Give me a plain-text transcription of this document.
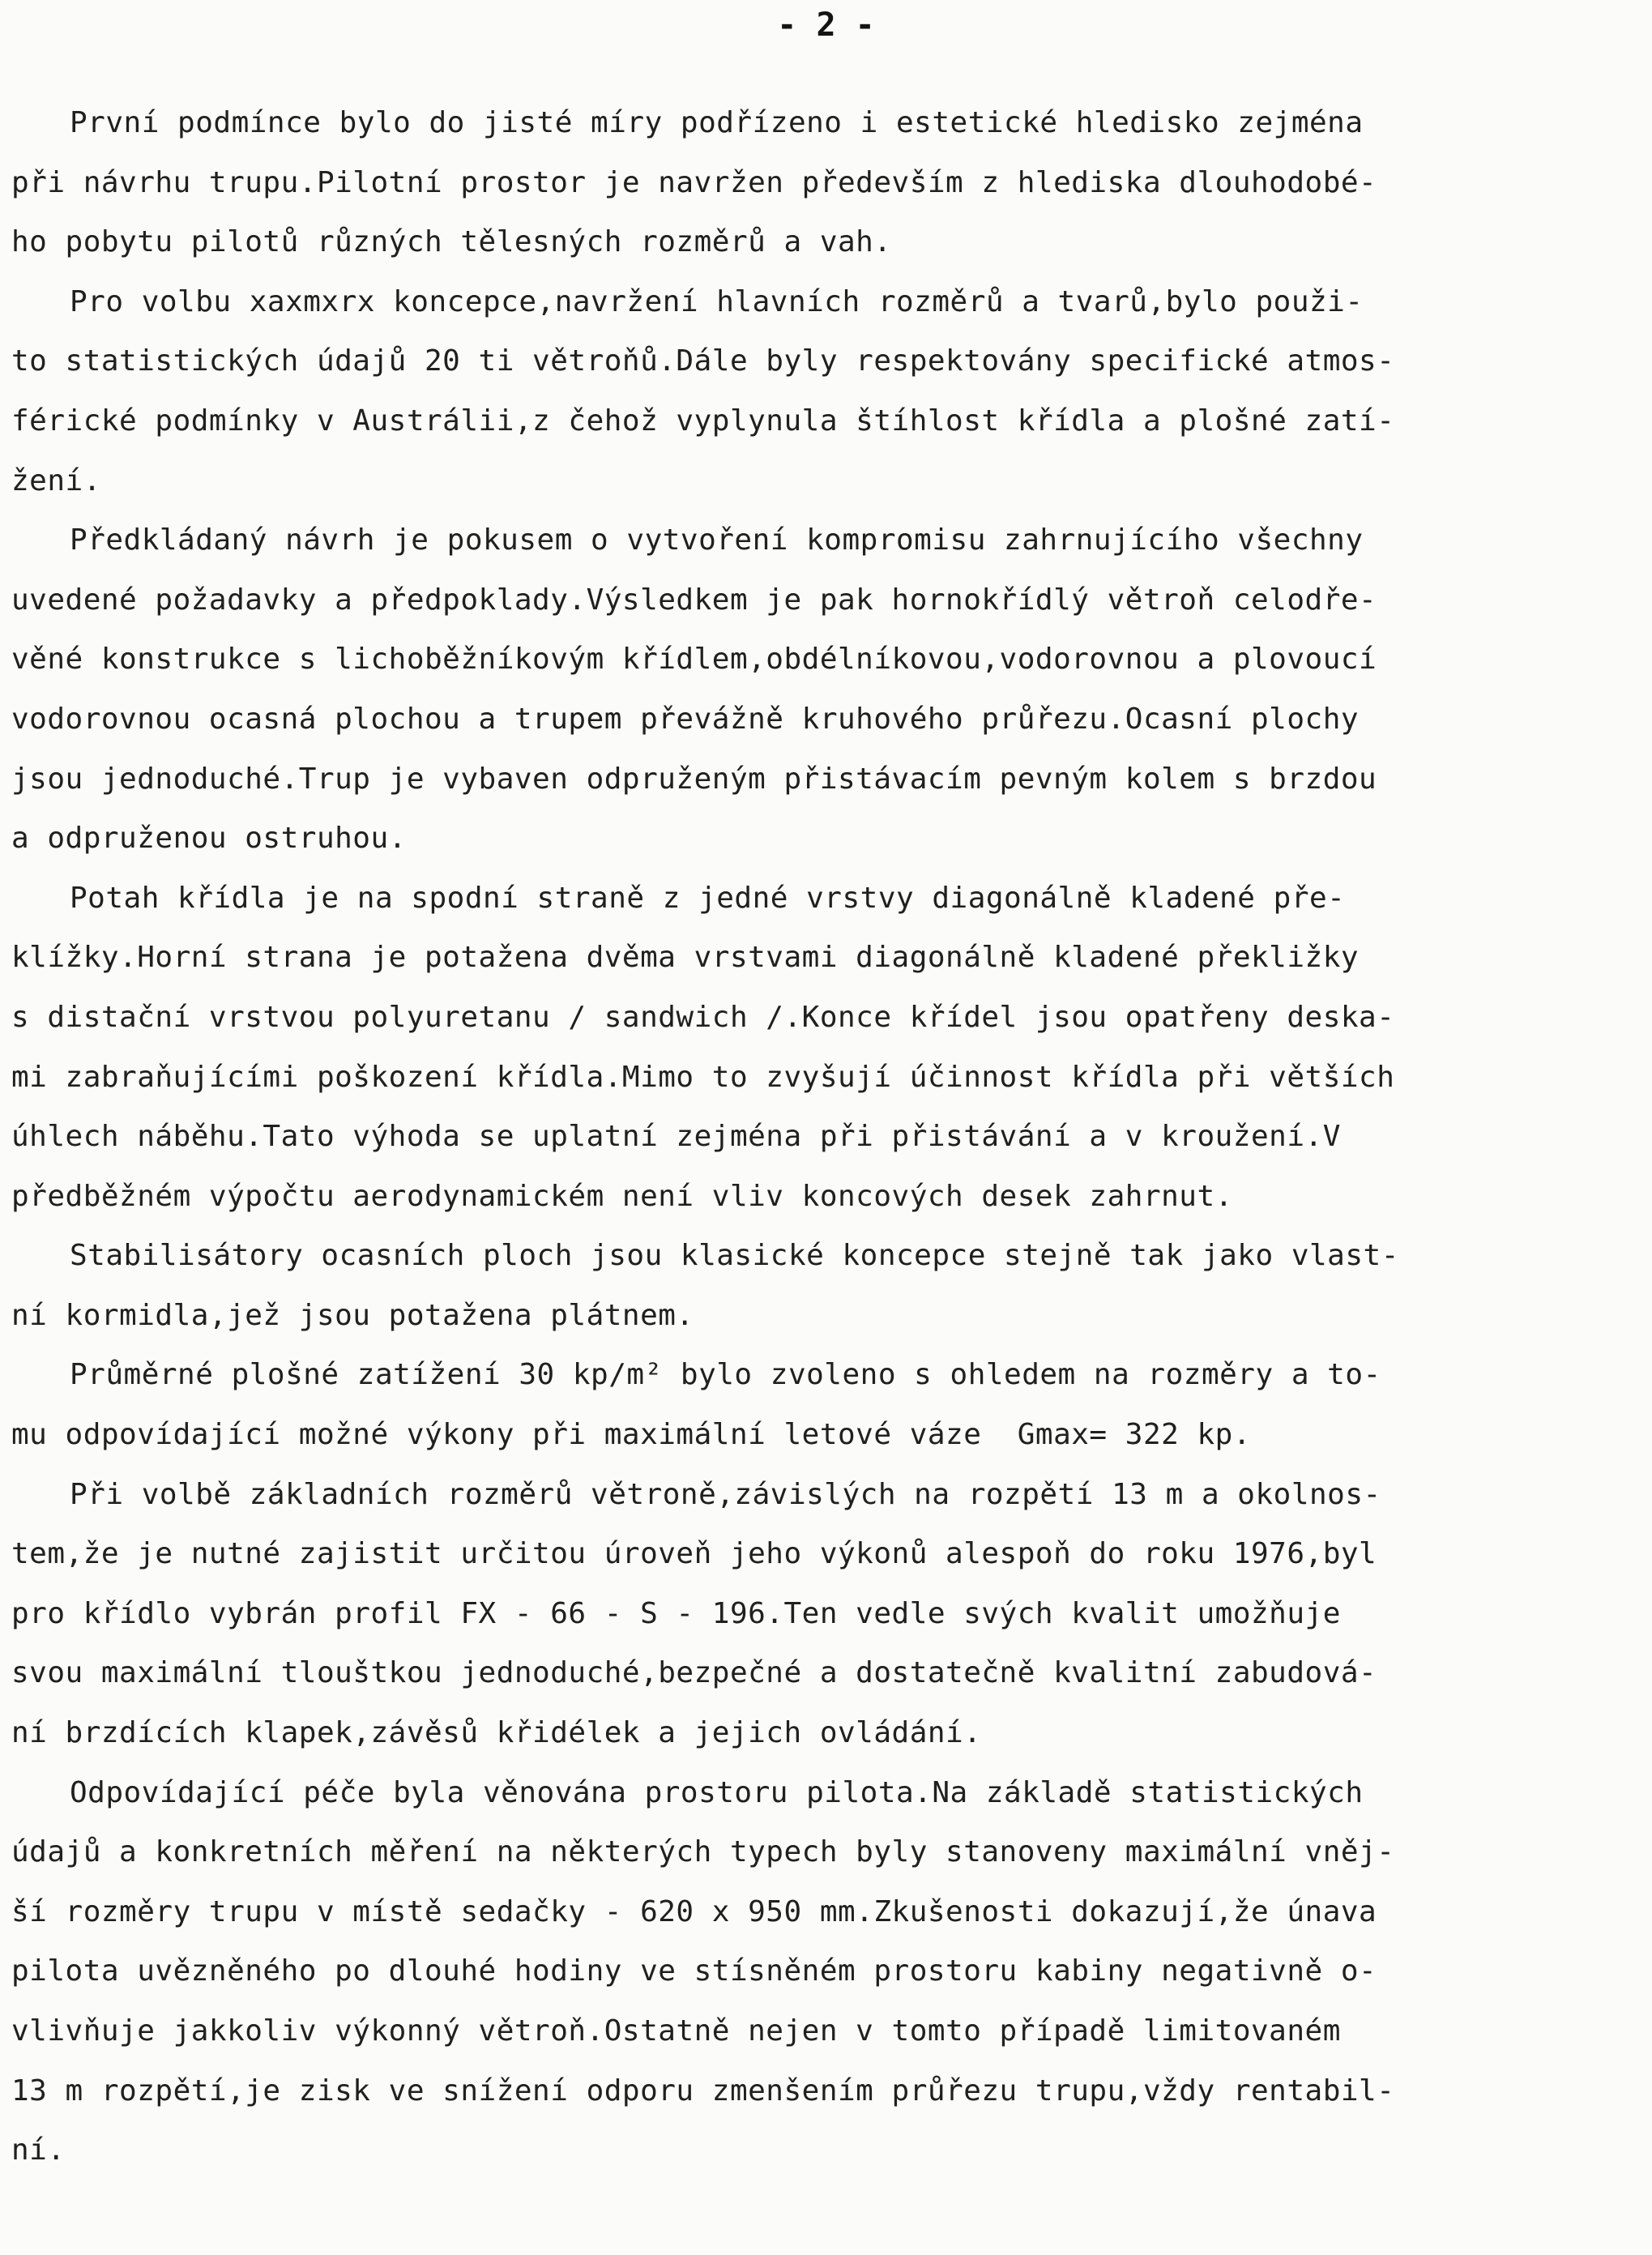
- 2 -
První podmínce bylo do jisté míry podřízeno i estetické hledisko zejména
při návrhu trupu.Pilotní prostor je navržen především z hlediska dlouhodobé-
ho pobytu pilotů různých tělesných rozměrů a vah.
Pro volbu xaxmxrx koncepce,navržení hlavních rozměrů a tvarů,bylo použi-
to statistických údajů 20 ti větroňů.Dále byly respektovány specifické atmos-
férické podmínky v Austrálii,z čehož vyplynula štíhlost křídla a plošné zatí-
žení.
Předkládaný návrh je pokusem o vytvoření kompromisu zahrnujícího všechny
uvedené požadavky a předpoklady.Výsledkem je pak hornokřídlý větroň celodře-
věné konstrukce s lichoběžníkovým křídlem,obdélníkovou,vodorovnou a plovoucí
vodorovnou ocasná plochou a trupem převážně kruhového průřezu.Ocasní plochy
jsou jednoduché.Trup je vybaven odpruženým přistávacím pevným kolem s brzdou
a odpruženou ostruhou.
Potah křídla je na spodní straně z jedné vrstvy diagonálně kladené pře-
klížky.Horní strana je potažena dvěma vrstvami diagonálně kladené překližky
s distační vrstvou polyuretanu / sandwich /.Konce křídel jsou opatřeny deska-
mi zabraňujícími poškození křídla.Mimo to zvyšují účinnost křídla při větších
úhlech náběhu.Tato výhoda se uplatní zejména při přistávání a v kroužení.V
předběžném výpočtu aerodynamickém není vliv koncových desek zahrnut.
Stabilisátory ocasních ploch jsou klasické koncepce stejně tak jako vlast-
ní kormidla,jež jsou potažena plátnem.
Průměrné plošné zatížení 30 kp/m² bylo zvoleno s ohledem na rozměry a to-
mu odpovídající možné výkony při maximální letové váze  Gmax= 322 kp.
Při volbě základních rozměrů větroně,závislých na rozpětí 13 m a okolnos-
tem,že je nutné zajistit určitou úroveň jeho výkonů alespoň do roku 1976,byl
pro křídlo vybrán profil FX - 66 - S - 196.Ten vedle svých kvalit umožňuje
svou maximální tlouštkou jednoduché,bezpečné a dostatečně kvalitní zabudová-
ní brzdících klapek,závěsů křidélek a jejich ovládání.
Odpovídající péče byla věnována prostoru pilota.Na základě statistických
údajů a konkretních měření na některých typech byly stanoveny maximální vněj-
ší rozměry trupu v místě sedačky - 620 x 950 mm.Zkušenosti dokazují,že únava
pilota uvězněného po dlouhé hodiny ve stísněném prostoru kabiny negativně o-
vlivňuje jakkoliv výkonný větroň.Ostatně nejen v tomto případě limitovaném
13 m rozpětí,je zisk ve snížení odporu zmenšením průřezu trupu,vždy rentabil-
ní.
